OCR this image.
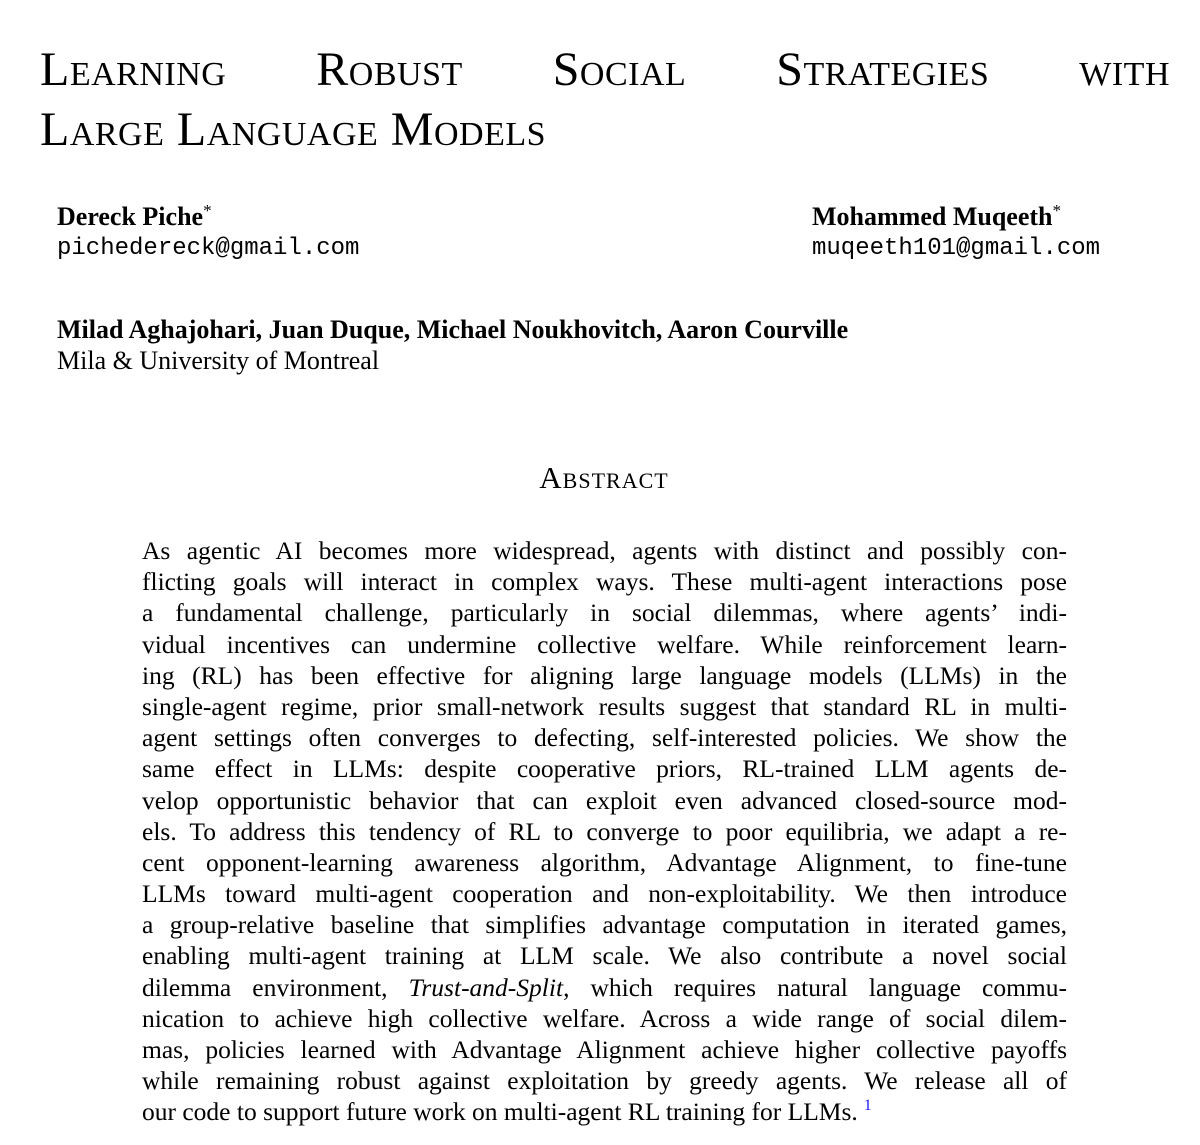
Learning Robust Social Strategies with
Large Language Models
Dereck Piche*
pichedereck@gmail.com
Mohammed Muqeeth*
muqeeth101@gmail.com
Milad Aghajohari, Juan Duque, Michael Noukhovitch, Aaron Courville
Mila & University of Montreal
Abstract
As agentic AI becomes more widespread, agents with distinct and possibly con-
flicting goals will interact in complex ways. These multi-agent interactions pose
a fundamental challenge, particularly in social dilemmas, where agents’ indi-
vidual incentives can undermine collective welfare. While reinforcement learn-
ing (RL) has been effective for aligning large language models (LLMs) in the
single-agent regime, prior small-network results suggest that standard RL in multi-
agent settings often converges to defecting, self-interested policies. We show the
same effect in LLMs: despite cooperative priors, RL-trained LLM agents de-
velop opportunistic behavior that can exploit even advanced closed-source mod-
els. To address this tendency of RL to converge to poor equilibria, we adapt a re-
cent opponent-learning awareness algorithm, Advantage Alignment, to fine-tune
LLMs toward multi-agent cooperation and non-exploitability. We then introduce
a group-relative baseline that simplifies advantage computation in iterated games,
enabling multi-agent training at LLM scale. We also contribute a novel social
dilemma environment, Trust-and-Split, which requires natural language commu-
nication to achieve high collective welfare. Across a wide range of social dilem-
mas, policies learned with Advantage Alignment achieve higher collective payoffs
while remaining robust against exploitation by greedy agents. We release all of
our code to support future work on multi-agent RL training for LLMs. $^1$
